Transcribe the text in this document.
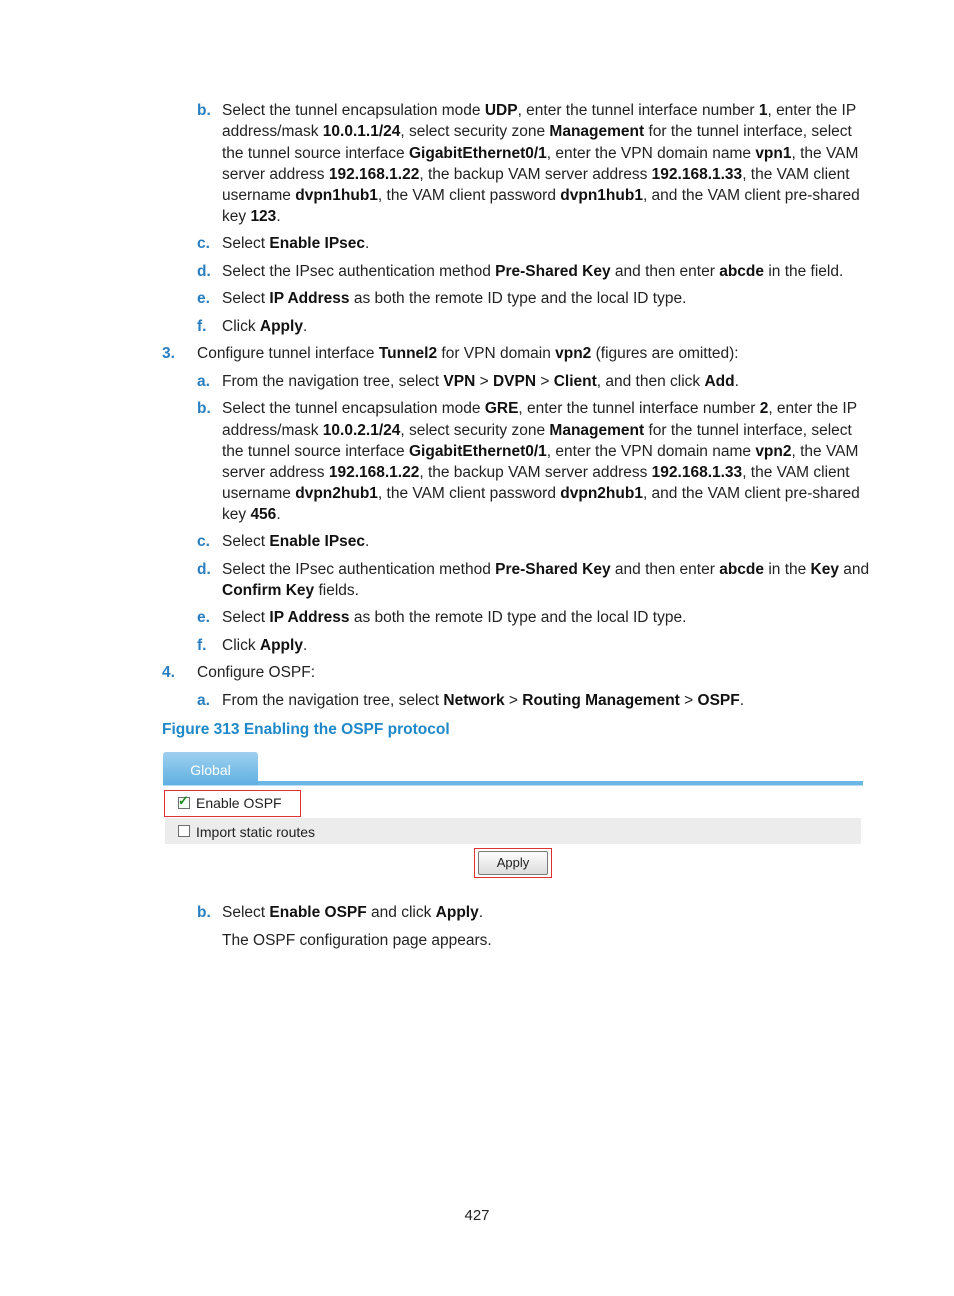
b. Select the tunnel encapsulation mode UDP, enter the tunnel interface number 1, enter the IP
address/mask 10.0.1.1/24, select security zone Management for the tunnel interface, select
the tunnel source interface GigabitEthernet0/1, enter the VPN domain name vpn1, the VAM
server address 192.168.1.22, the backup VAM server address 192.168.1.33, the VAM client
username dvpn1hub1, the VAM client password dvpn1hub1, and the VAM client pre-shared
key 123.
c. Select Enable IPsec.
d. Select the IPsec authentication method Pre-Shared Key and then enter abcde in the field.
e. Select IP Address as both the remote ID type and the local ID type.
f. Click Apply.
3. Configure tunnel interface Tunnel2 for VPN domain vpn2 (figures are omitted):
a. From the navigation tree, select VPN > DVPN > Client, and then click Add.
b. Select the tunnel encapsulation mode GRE, enter the tunnel interface number 2, enter the IP
address/mask 10.0.2.1/24, select security zone Management for the tunnel interface, select
the tunnel source interface GigabitEthernet0/1, enter the VPN domain name vpn2, the VAM
server address 192.168.1.22, the backup VAM server address 192.168.1.33, the VAM client
username dvpn2hub1, the VAM client password dvpn2hub1, and the VAM client pre-shared
key 456.
c. Select Enable IPsec.
d. Select the IPsec authentication method Pre-Shared Key and then enter abcde in the Key and
Confirm Key fields.
e. Select IP Address as both the remote ID type and the local ID type.
f. Click Apply.
4. Configure OSPF:
a. From the navigation tree, select Network > Routing Management > OSPF.
Figure 313 Enabling the OSPF protocol
Global
✓ Enable OSPF
Import static routes
Apply
b. Select Enable OSPF and click Apply.
The OSPF configuration page appears.
427
